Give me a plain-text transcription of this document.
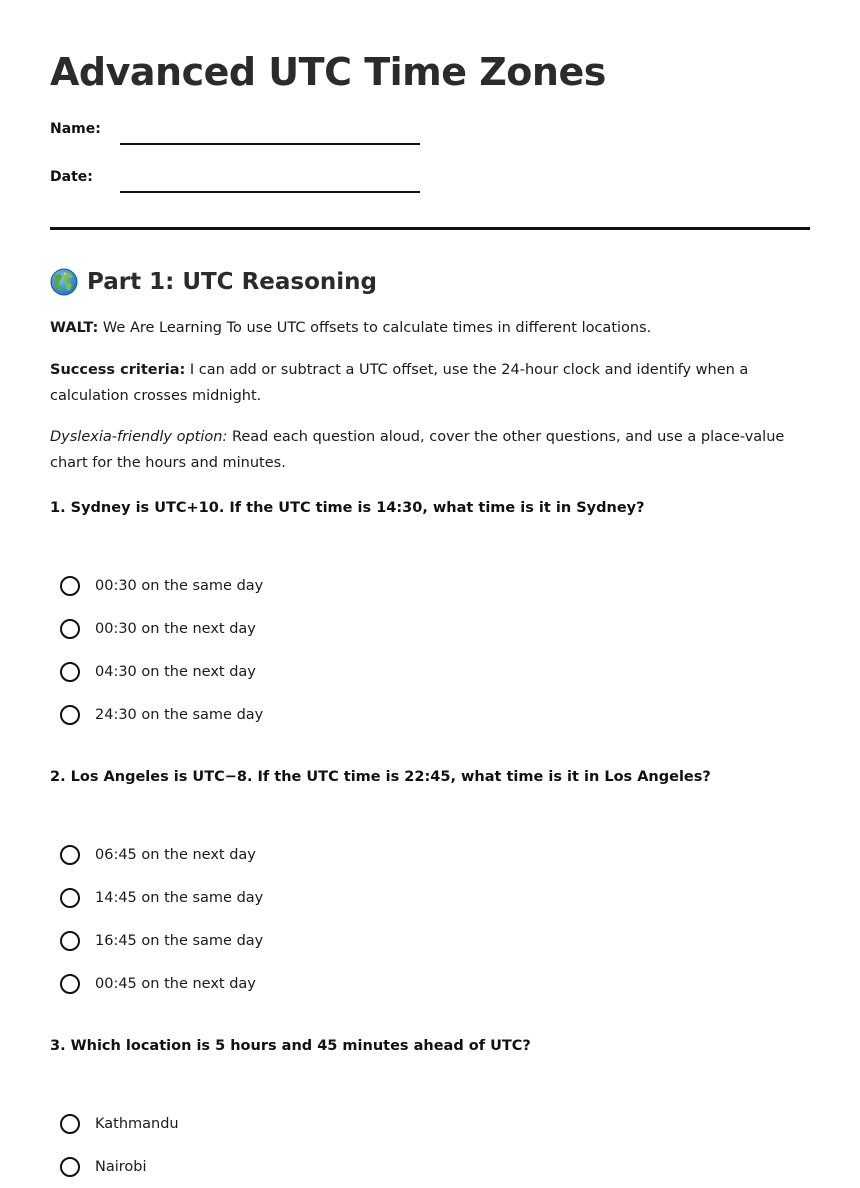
Advanced UTC Time Zones
Name:
Date:
Part 1: UTC Reasoning
WALT: We Are Learning To use UTC offsets to calculate times in different locations.
Success criteria: I can add or subtract a UTC offset, use the 24-hour clock and identify when a calculation crosses midnight.
Dyslexia-friendly option: Read each question aloud, cover the other questions, and use a place-value chart for the hours and minutes.
1. Sydney is UTC+10. If the UTC time is 14:30, what time is it in Sydney?
00:30 on the same day
00:30 on the next day
04:30 on the next day
24:30 on the same day
2. Los Angeles is UTC−8. If the UTC time is 22:45, what time is it in Los Angeles?
06:45 on the next day
14:45 on the same day
16:45 on the same day
00:45 on the next day
3. Which location is 5 hours and 45 minutes ahead of UTC?
Kathmandu
Nairobi
